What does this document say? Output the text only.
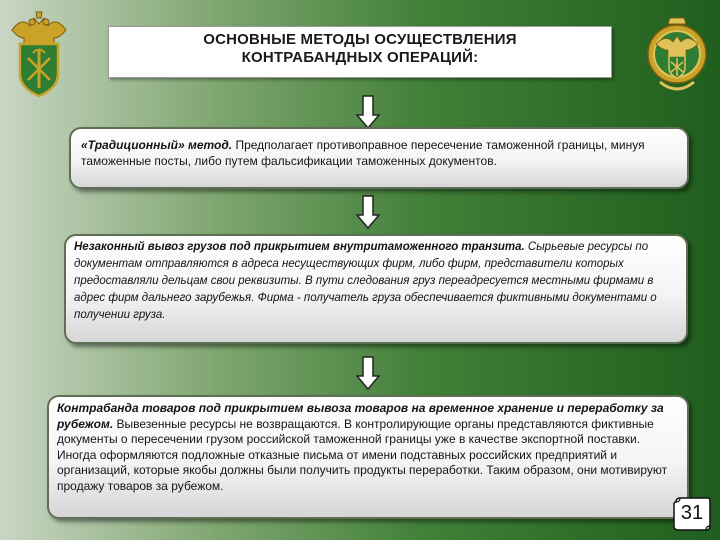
ОСНОВНЫЕ МЕТОДЫ ОСУЩЕСТВЛЕНИЯ
КОНТРАБАНДНЫХ ОПЕРАЦИЙ:
«Традиционный» метод. Предполагает противоправное пересечение таможенной границы, минуя таможенные посты, либо путем фальсификации таможенных документов.
Незаконный вывоз грузов под прикрытием внутритаможенного транзита. Сырьевые ресурсы по документам отправляются в адреса несуществующих фирм, либо фирм, представители которых предоставляли дельцам свои реквизиты. В пути следования груз переадресуется местными фирмами в адрес фирм дальнего зарубежья. Фирма - получатель груза обеспечивается фиктивными документами о получении груза.
Контрабанда товаров под прикрытием вывоза товаров на временное хранение и переработку за рубежом. Вывезенные ресурсы не возвращаются. В контролирующие органы представляются фиктивные документы о пересечении грузом российской таможенной границы уже в качестве экспортной поставки. Иногда оформляются подложные отказные письма от имени подставных российских предприятий и организаций, которые якобы должны были получить продукты переработки. Таким образом, они мотивируют продажу товаров за рубежом.
31
